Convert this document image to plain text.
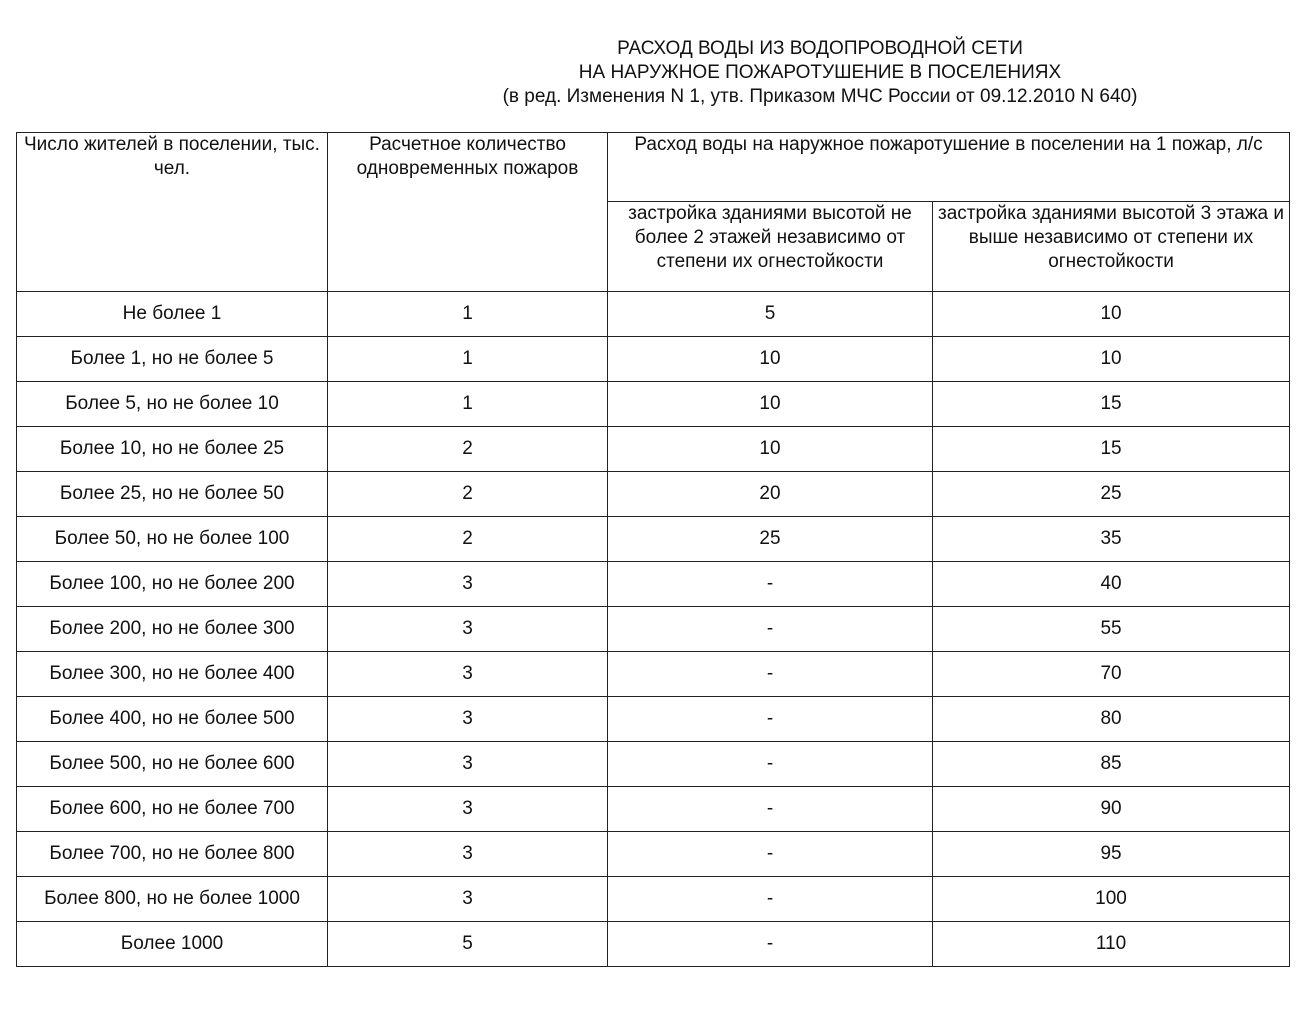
РАСХОД ВОДЫ ИЗ ВОДОПРОВОДНОЙ СЕТИ
НА НАРУЖНОЕ ПОЖАРОТУШЕНИЕ В ПОСЕЛЕНИЯХ
(в ред. Изменения N 1, утв. Приказом МЧС России от 09.12.2010 N 640)
Число жителей в поселении, тыс. чел.	Расчетное количество одновременных пожаров	Расход воды на наружное пожаротушение в поселении на 1 пожар, л/с	
		застройка зданиями высотой не более 2 этажей независимо от степени их огнестойкости	застройка зданиями высотой 3 этажа и выше независимо от степени их огнестойкости
Не более 1	1	5	10
Более 1, но не более 5	1	10	10
Более 5, но не более 10	1	10	15
Более 10, но не более 25	2	10	15
Более 25, но не более 50	2	20	25
Более 50, но не более 100	2	25	35
Более 100, но не более 200	3	-	40
Более 200, но не более 300	3	-	55
Более 300, но не более 400	3	-	70
Более 400, но не более 500	3	-	80
Более 500, но не более 600	3	-	85
Более 600, но не более 700	3	-	90
Более 700, но не более 800	3	-	95
Более 800, но не более 1000	3	-	100
Более 1000	5	-	110
